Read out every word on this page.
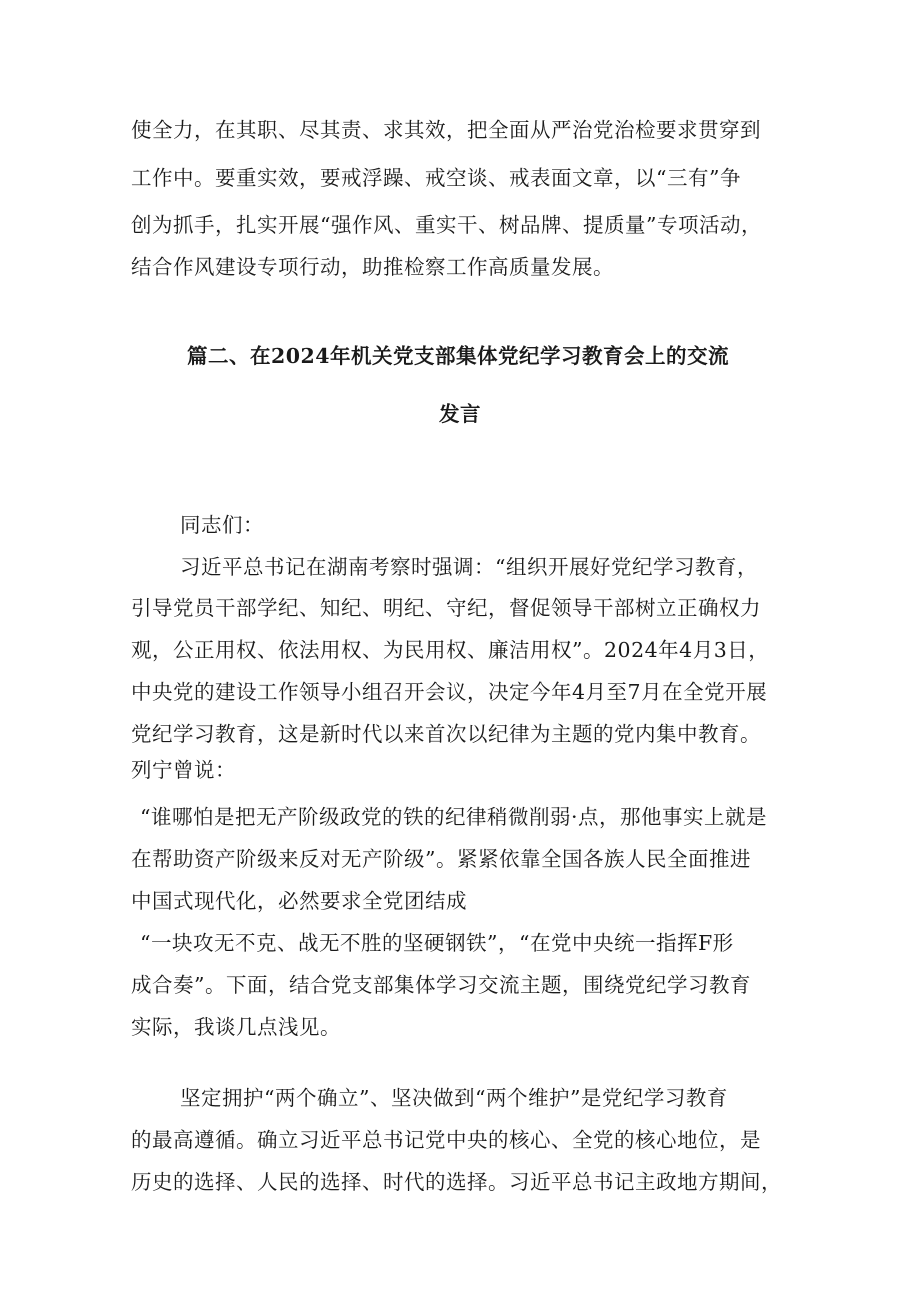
使全力，在其职、尽其责、求其效，把全面从严治党治检要求贯穿到
工作中。要重实效，要戒浮躁、戒空谈、戒表面文章，以“三有”争
创为抓手，扎实开展“强作风、重实干、树品牌、提质量”专项活动，
结合作风建设专项行动，助推检察工作高质量发展。
篇二、在2024年机关党支部集体党纪学习教育会上的交流
发言
同志们：
习近平总书记在湖南考察时强调：“组织开展好党纪学习教育，
引导党员干部学纪、知纪、明纪、守纪，督促领导干部树立正确权力
观，公正用权、依法用权、为民用权、廉洁用权”。2024年4月3日，
中央党的建设工作领导小组召开会议，决定今年4月至7月在全党开展
党纪学习教育，这是新时代以来首次以纪律为主题的党内集中教育。
列宁曾说：
“谁哪怕是把无产阶级政党的铁的纪律稍微削弱·点，那他事实上就是
在帮助资产阶级来反对无产阶级”。紧紧依靠全国各族人民全面推进
中国式现代化，必然要求全党团结成
“一块攻无不克、战无不胜的坚硬钢铁”，“在党中央统一指挥F形
成合奏”。下面，结合党支部集体学习交流主题，围绕党纪学习教育
实际，我谈几点浅见。
坚定拥护“两个确立”、坚决做到“两个维护”是党纪学习教育
的最高遵循。确立习近平总书记党中央的核心、全党的核心地位，是
历史的选择、人民的选择、时代的选择。习近平总书记主政地方期间，
